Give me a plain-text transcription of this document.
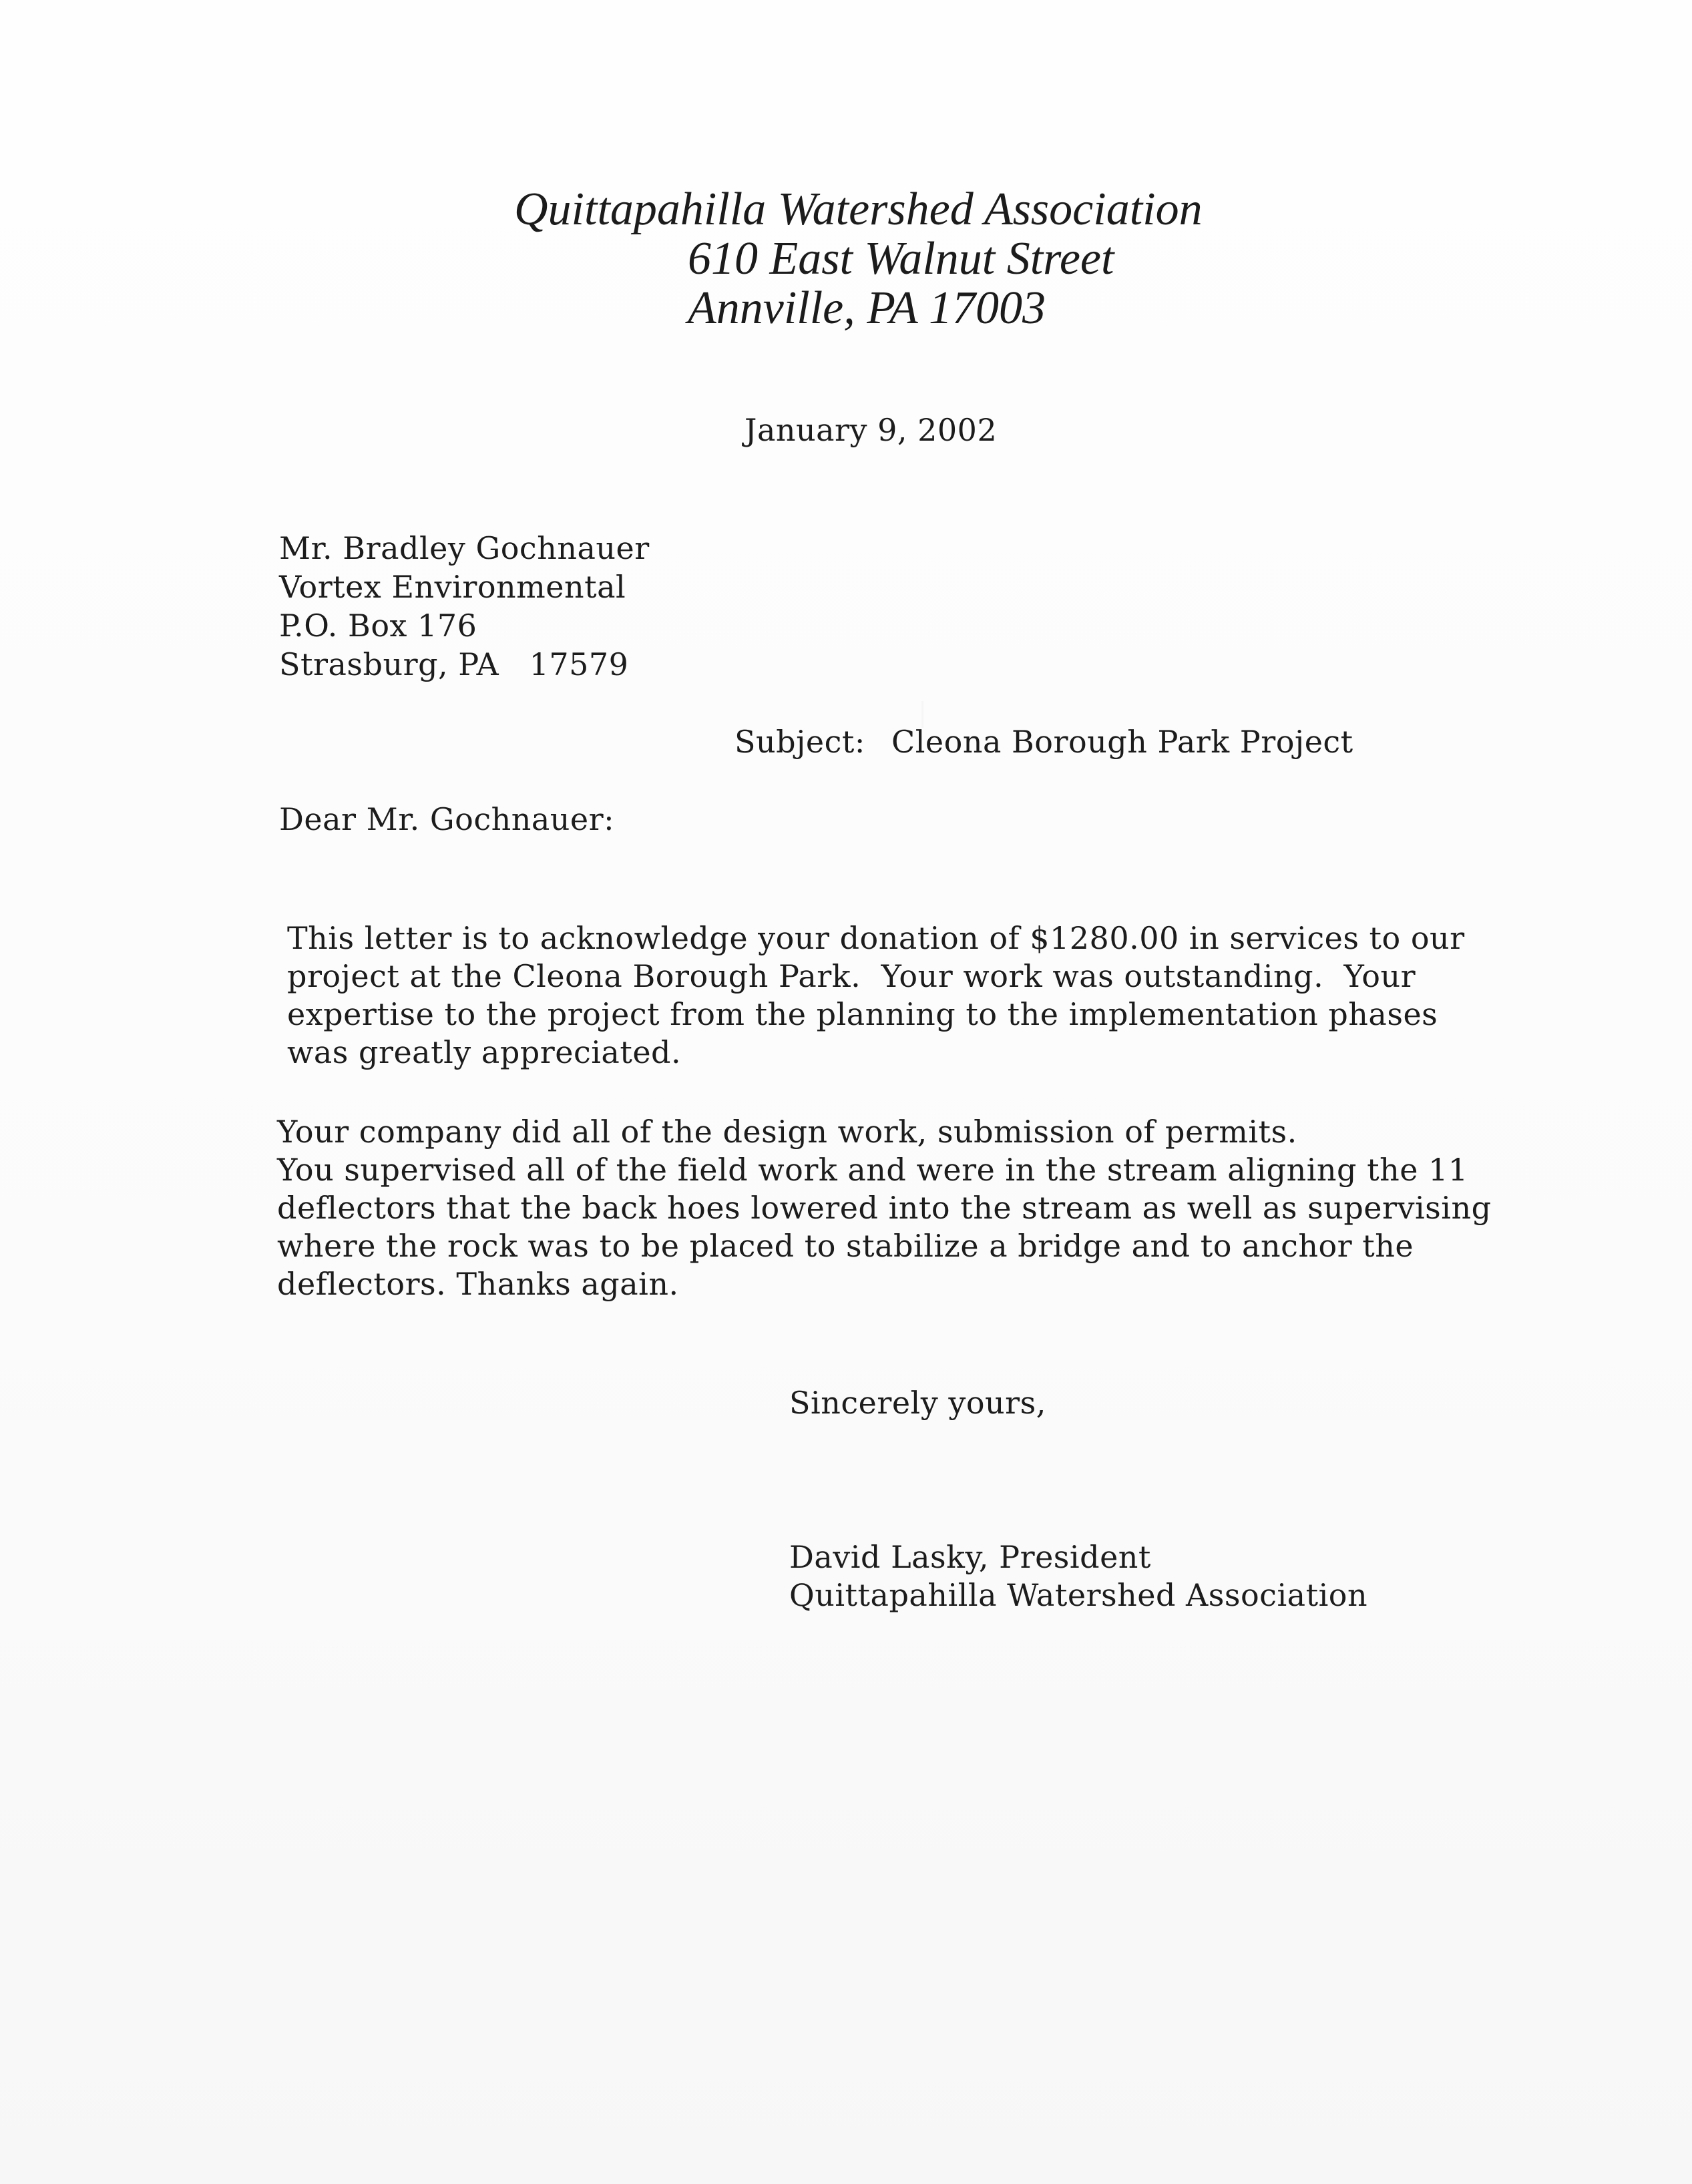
Quittapahilla Watershed Association
610 East Walnut Street
Annville, PA 17003
January 9, 2002
Mr. Bradley Gochnauer
Vortex Environmental
P.O. Box 176
Strasburg, PA   17579
Subject: Cleona Borough Park Project
Dear Mr. Gochnauer:
This letter is to acknowledge your donation of $1280.00 in services to our
project at the Cleona Borough Park.  Your work was outstanding.  Your
expertise to the project from the planning to the implementation phases
was greatly appreciated.
Your company did all of the design work, submission of permits.
You supervised all of the field work and were in the stream aligning the 11
deflectors that the back hoes lowered into the stream as well as supervising
where the rock was to be placed to stabilize a bridge and to anchor the
deflectors. Thanks again.
Sincerely yours,
David Lasky, President
Quittapahilla Watershed Association
